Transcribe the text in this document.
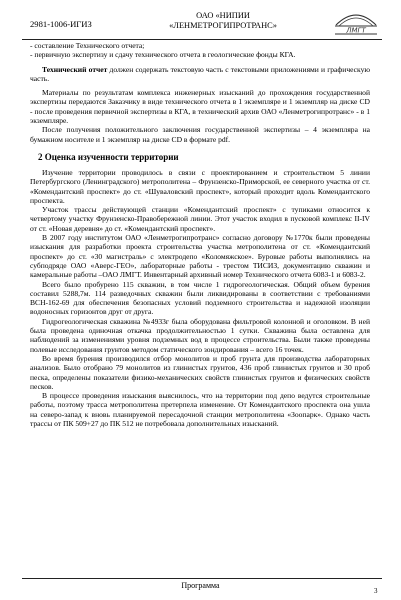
2981-1006-ИГИЗ
ОАО «НИПИИ
«ЛЕНМЕТРОГИПРОТРАНС»
ЛМГТ

- составление Технического отчета;

- первичную экспертизу и сдачу технического отчета в геологические фонды КГА.

Технический отчет должен содержать текстовую часть с текстовыми приложениями и графическую часть.

Материалы по результатам комплекса инженерных изысканий до прохождения государственной экспертизы передаются Заказчику в виде технического отчета в 1 экземпляре и 1 экземпляр на диске CD - после проведения первичной экспертизы в КГА, в технический архив ОАО «Ленметрогипротранс» - в 1 экземпляре.

После получения положительного заключения государственной экспертизы – 4 экземпляра на бумажном носителе и 1 экземпляр на диске CD в формате pdf.

2 Оценка изученности территории

Изучение территории проводилось в связи с проектированием и строительством 5 линии Петербургского (Ленинградского) метрополитена – Фрунзенско-Приморской, ее северного участка от ст. «Комендантский проспект» до ст. «Шуваловский проспект», который проходит вдоль Комендантского проспекта.

Участок трассы действующей станции «Комендантский проспект» с тупиками относится к четвертому участку Фрунзенско-Правобережной линии. Этот участок входил в пусковой комплекс II-IV от ст. «Новая деревня» до ст. «Комендантский проспект».

В 2007 году институтом ОАО «Ленметрогипротранс» согласно договору №1770к были проведены изыскания для разработки проекта строительства участка метрополитена от ст. «Комендантский проспект» до ст. «30 магистраль» с электродепо «Коломяжское». Буровые работы выполнялись на субподряде ОАО «Аверс-ГЕО», лабораторные работы - трестом ТИСИЗ, документацию скважин и камеральные работы –ОАО ЛМГТ. Инвентарный архивный номер Технического отчета 6083-1 и 6083-2.

Всего было пробурено 115 скважин, в том числе 1 гидрогеологическая. Общий объем бурения составил 5288,7м. 114 разведочных скважин были ликвидированы в соответствии с требованиями ВСН-162-69 для обеспечения безопасных условий подземного строительства и надежной изоляции водоносных горизонтов друг от друга.

Гидрогеологическая скважина №4933г была оборудована фильтровой колонной и оголовком. В ней была проведена одиночная откачка продолжительностью 1 сутки. Скважина была оставлена для наблюдений за изменениями уровня подземных вод в процессе строительства. Были также проведены полевые исследования грунтов методом статического зондирования – всего 16 точек.

Во время бурения производился отбор монолитов и проб грунта для производства лабораторных анализов. Было отобрано 79 монолитов из глинистых грунтов, 436 проб глинистых грунтов и 30 проб песка, определены показатели физико-механических свойств глинистых грунтов и физических свойств песков.

В процессе проведения изыскания выяснилось, что на территории под депо ведутся строительные работы, поэтому трасса метрополитена претерпела изменение. От Комендантского проспекта она ушла на северо-запад к вновь планируемой пересадочной станции метрополитена «Зоопарк». Однако часть трассы от ПК 509+27 до ПК 512 не потребовала дополнительных изысканий.

Программа
3
